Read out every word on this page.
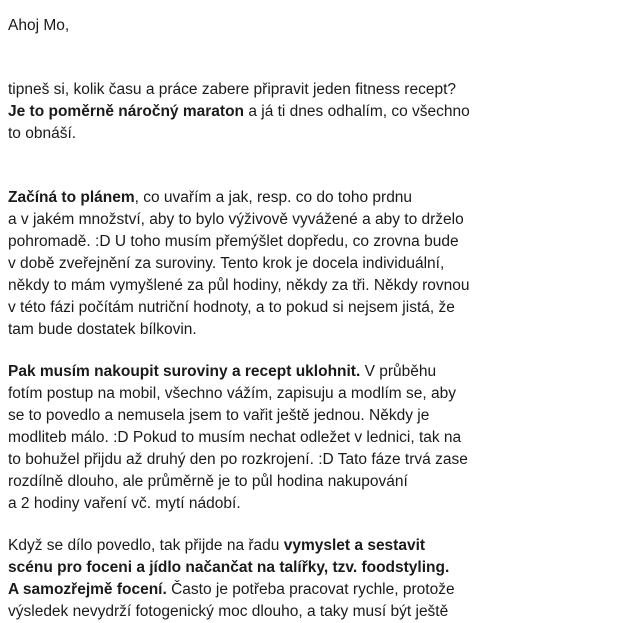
Ahoj Mo,

tipneš si, kolik času a práce zabere připravit jeden fitness recept?
Je to poměrně náročný maraton a já ti dnes odhalím, co všechno
to obnáší.

Začíná to plánem, co uvařím a jak, resp. co do toho prdnu
a v jakém množství, aby to bylo výživově vyvážené a aby to drželo
pohromadě. :D U toho musím přemýšlet dopředu, co zrovna bude
v době zveřejnění za suroviny. Tento krok je docela individuální,
někdy to mám vymyšlené za půl hodiny, někdy za tři. Někdy rovnou
v této fázi počítám nutriční hodnoty, a to pokud si nejsem jistá, že
tam bude dostatek bílkovin.

Pak musím nakoupit suroviny a recept uklohnit. V průběhu
fotím postup na mobil, všechno vážím, zapisuju a modlím se, aby
se to povedlo a nemusela jsem to vařit ještě jednou. Někdy je
modliteb málo. :D Pokud to musím nechat odležet v lednici, tak na
to bohužel přijdu až druhý den po rozkrojení. :D Tato fáze trvá zase
rozdílně dlouho, ale průměrně je to půl hodina nakupování
a 2 hodiny vaření vč. mytí nádobí.

Když se dílo povedlo, tak přijde na řadu vymyslet a sestavit
scénu pro foceni a jídlo načančat na talířky, tzv. foodstyling.
A samozřejmě focení. Často je potřeba pracovat rychle, protože
výsledek nevydrží fotogenický moc dlouho, a taky musí být ještě
